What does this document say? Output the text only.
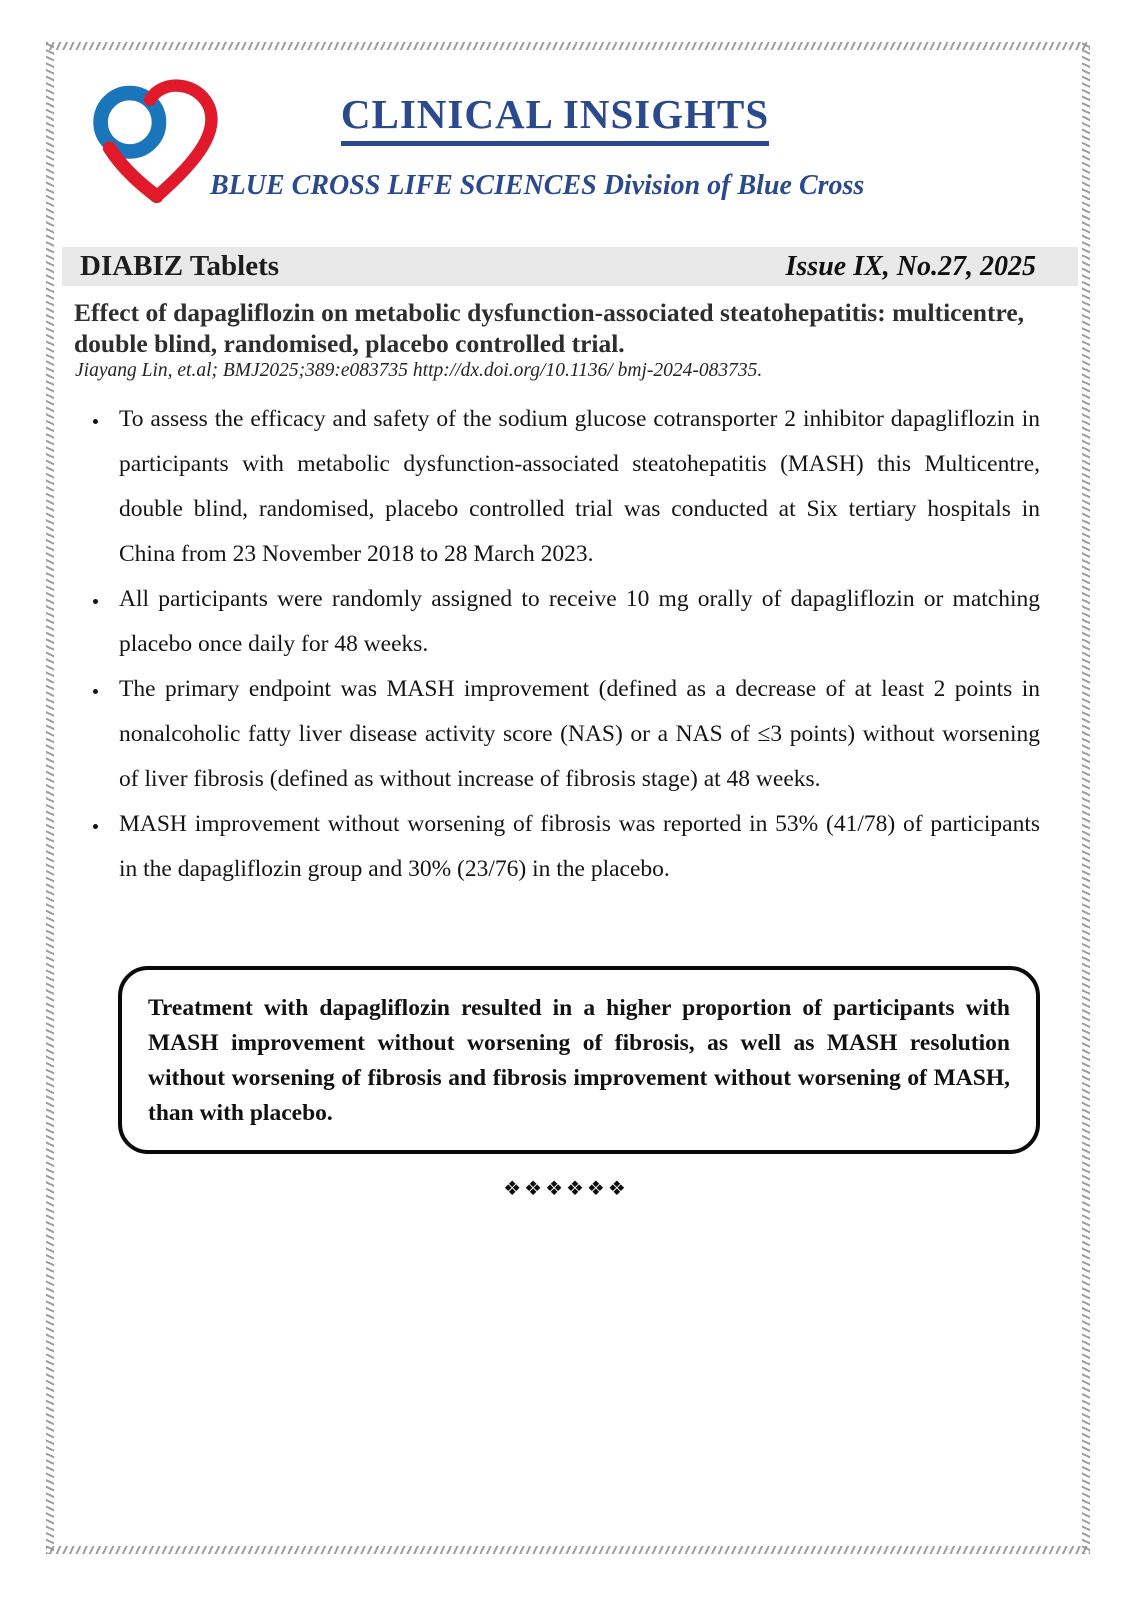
CLINICAL INSIGHTS
BLUE CROSS LIFE SCIENCES Division of Blue Cross
DIABIZ Tablets	Issue IX, No.27, 2025
Effect of dapagliflozin on metabolic dysfunction-associated steatohepatitis: multicentre, double blind, randomised, placebo controlled trial.
Jiayang Lin, et.al; BMJ2025;389:e083735 http://dx.doi.org/10.1136/ bmj-2024-083735.
• To assess the efficacy and safety of the sodium glucose cotransporter 2 inhibitor dapagliflozin in participants with metabolic dysfunction-associated steatohepatitis (MASH) this Multicentre, double blind, randomised, placebo controlled trial was conducted at Six tertiary hospitals in China from 23 November 2018 to 28 March 2023.
• All participants were randomly assigned to receive 10 mg orally of dapagliflozin or matching placebo once daily for 48 weeks.
• The primary endpoint was MASH improvement (defined as a decrease of at least 2 points in nonalcoholic fatty liver disease activity score (NAS) or a NAS of ≤3 points) without worsening of liver fibrosis (defined as without increase of fibrosis stage) at 48 weeks.
• MASH improvement without worsening of fibrosis was reported in 53% (41/78) of participants in the dapagliflozin group and 30% (23/76) in the placebo.
Treatment with dapagliflozin resulted in a higher proportion of participants with MASH improvement without worsening of fibrosis, as well as MASH resolution without worsening of fibrosis and fibrosis improvement without worsening of MASH, than with placebo.
❖❖❖❖❖❖
